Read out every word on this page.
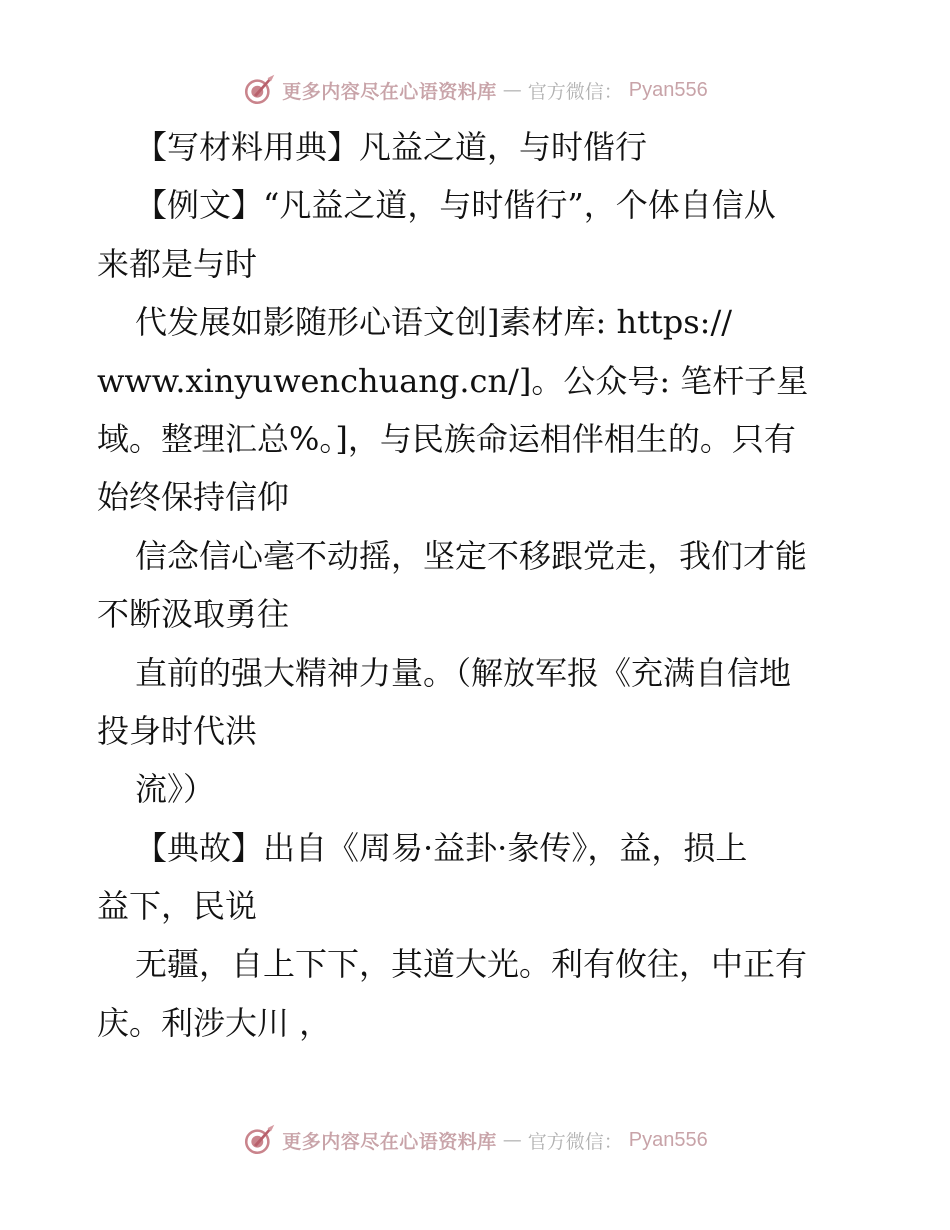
更多内容尽在心语资料库 — 官方微信： Pyan556
【写材料用典】凡益之道，与时偕行
【例文】“凡益之道，与时偕行”，个体自信从
来都是与时
代发展如影随形心语文创]素材库: https://
www.xinyuwenchuang.cn/]。公众号: 笔杆子星
域。整理汇总%。]，与民族命运相伴相生的。只有
始终保持信仰
信念信心毫不动摇，坚定不移跟党走，我们才能
不断汲取勇往
直前的强大精神力量。（解放军报《充满自信地
投身时代洪
流》）
【典故】出自《周易·益卦·彖传》，益，损上
益下，民说
无疆，自上下下，其道大光。利有攸往，中正有
庆。利涉大川 ，
更多内容尽在心语资料库 — 官方微信： Pyan556
